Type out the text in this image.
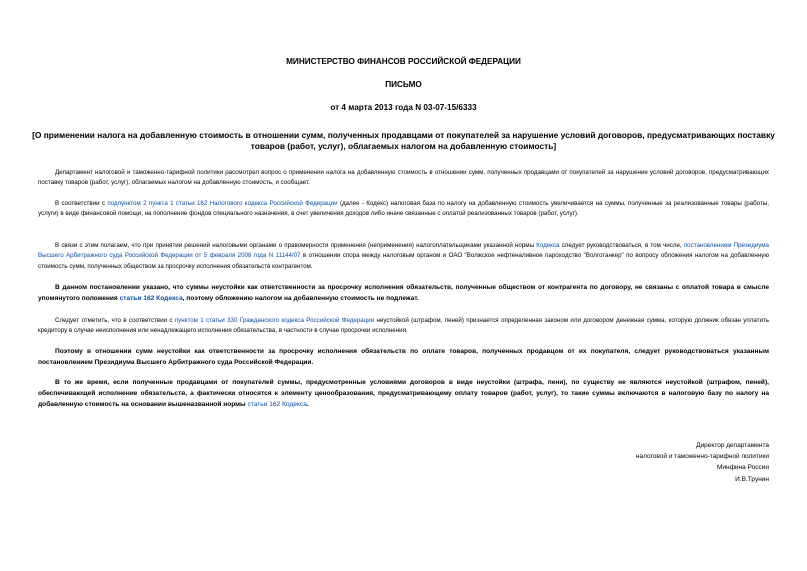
МИНИСТЕРСТВО ФИНАНСОВ РОССИЙСКОЙ ФЕДЕРАЦИИ
ПИСЬМО
от 4 марта 2013 года N 03-07-15/6333
[О применении налога на добавленную стоимость в отношении сумм, полученных продавцами от покупателей за нарушение условий договоров, предусматривающих поставку товаров (работ, услуг), облагаемых налогом на добавленную стоимость]

Департамент налоговой и таможенно-тарифной политики рассмотрел вопрос о применении налога на добавленную стоимость в отношении сумм, полученных продавцами от покупателей за нарушение условий договоров, предусматривающих поставку товаров (работ, услуг), облагаемых налогом на добавленную стоимость, и сообщает.

В соответствии с подпунктом 2 пункта 1 статьи 162 Налогового кодекса Российской Федерации (далее - Кодекс) налоговая база по налогу на добавленную стоимость увеличивается на суммы, полученные за реализованные товары (работы, услуги) в виде финансовой помощи, на пополнение фондов специального назначения, в счет увеличения доходов либо иначе связанные с оплатой реализованных товаров (работ, услуг).

В связи с этим полагаем, что при принятии решений налоговыми органами о правомерности применения (неприменения) налогоплательщиками указанной нормы Кодекса следует руководствоваться, в том числе, постановлением Президиума Высшего Арбитражного суда Российской Федерации от 5 февраля 2008 года N 11144/07 в отношении спора между налоговым органом и ОАО "Волжское нефтеналивное пароходство "Волготанкер" по вопросу обложения налогом на добавленную стоимость сумм, полученных обществом за просрочку исполнения обязательств контрагентом.

В данном постановлении указано, что суммы неустойки как ответственности за просрочку исполнения обязательств, полученные обществом от контрагента по договору, не связаны с оплатой товара в смысле упомянутого положения статьи 162 Кодекса, поэтому обложению налогом на добавленную стоимость не подлежат.

Следует отметить, что в соответствии с пунктом 1 статьи 330 Гражданского кодекса Российской Федерации неустойкой (штрафом, пеней) признается определенная законом или договором денежная сумма, которую должник обязан уплатить кредитору в случае неисполнения или ненадлежащего исполнения обязательства, в частности в случае просрочки исполнения.

Поэтому в отношении сумм неустойки как ответственности за просрочку исполнения обязательств по оплате товаров, полученных продавцом от их покупателя, следует руководствоваться указанным постановлением Президиума Высшего Арбитражного суда Российской Федерации.

В то же время, если полученные продавцами от покупателей суммы, предусмотренные условиями договоров в виде неустойки (штрафа, пени), по существу не являются неустойкой (штрафом, пеней), обеспечивающей исполнение обязательств, а фактически относятся к элементу ценообразования, предусматривающему оплату товаров (работ, услуг), то такие суммы включаются в налоговую базу по налогу на добавленную стоимость на основании вышеназванной нормы статьи 162 Кодекса.

Директор департамента
налоговой и таможенно-тарифной политики
Минфина России
И.В.Трунин
